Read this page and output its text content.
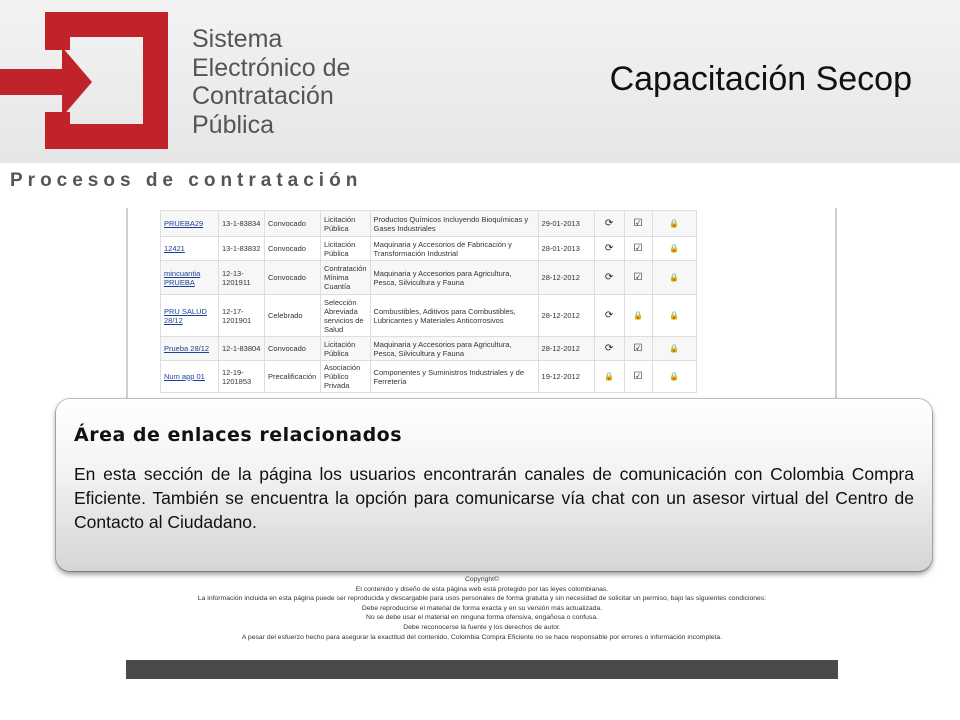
Sistema
Electrónico de
Contratación
Pública
Capacitación Secop
Procesos de contratación
PRUEBA29	13-1-83834	Convocado	Licitación Pública	Productos Químicos Incluyendo Bioquímicas y Gases Industriales	29-01-2013	⟳	☑	🔒
12421	13-1-83832	Convocado	Licitación Pública	Maquinaria y Accesorios de Fabricación y Transformación Industrial	28-01-2013	⟳	☑	🔒
mincuantia PRUEBA	12-13-1201911	Convocado	Contratación Mínima Cuantía	Maquinaria y Accesorios para Agricultura, Pesca, Silvicultura y Fauna	28-12-2012	⟳	☑	🔒
PRU SALUD 28/12	12-17-1201901	Celebrado	Selección Abreviada servicios de Salud	Combustibles, Aditivos para Combustibles, Lubricantes y Materiales Anticorrosivos	28-12-2012	⟳	🔒	🔒
Prueba 28/12	12-1-83804	Convocado	Licitación Pública	Maquinaria y Accesorios para Agricultura, Pesca, Silvicultura y Fauna	28-12-2012	⟳	☑	🔒
Num app 01	12-19-1201853	Precalificación	Asociación Público Privada	Componentes y Suministros Industriales y de Ferretería	19-12-2012	🔒	☑	🔒
Área de enlaces relacionados
En esta sección de la página los usuarios encontrarán canales de comunicación con Colombia Compra Eficiente. También se encuentra la opción para comunicarse vía chat con un asesor virtual del Centro de Contacto al Ciudadano.
Copyright©
El contenido y diseño de esta página web está protegido por las leyes colombianas.
La información incluida en esta página puede ser reproducida y descargable para usos personales de forma gratuita y sin necesidad de solicitar un permiso, bajo las siguientes condiciones:
Debe reproducirse el material de forma exacta y en su versión más actualizada.
No se debe usar el material en ninguna forma ofensiva, engañosa o confusa.
Debe reconocerse la fuente y los derechos de autor.
A pesar del esfuerzo hecho para asegurar la exactitud del contenido, Colombia Compra Eficiente no se hace responsable por errores o información incompleta.
